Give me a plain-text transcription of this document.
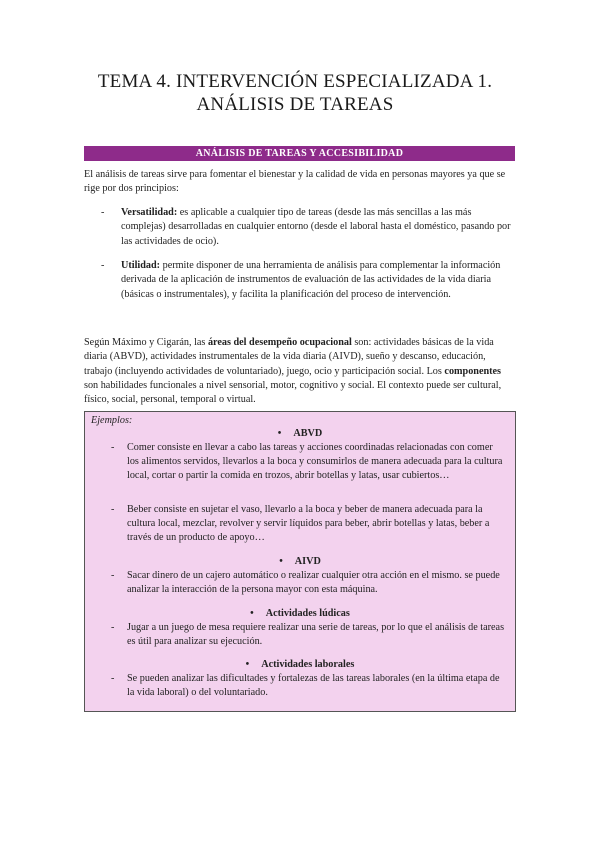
TEMA 4. INTERVENCIÓN ESPECIALIZADA 1.
ANÁLISIS DE TAREAS
ANÁLISIS DE TAREAS Y ACCESIBILIDAD
El análisis de tareas sirve para fomentar el bienestar y la calidad de vida en personas mayores ya que se rige por dos principios:
- Versatilidad: es aplicable a cualquier tipo de tareas (desde las más sencillas a las más complejas) desarrolladas en cualquier entorno (desde el laboral hasta el doméstico, pasando por las actividades de ocio).
- Utilidad: permite disponer de una herramienta de análisis para complementar la información derivada de la aplicación de instrumentos de evaluación de las actividades de la vida diaria (básicas o instrumentales), y facilita la planificación del proceso de intervención.
Según Máximo y Cigarán, las áreas del desempeño ocupacional son: actividades básicas de la vida diaria (ABVD), actividades instrumentales de la vida diaria (AIVD), sueño y descanso, educación, trabajo (incluyendo actividades de voluntariado), juego, ocio y participación social. Los componentes son habilidades funcionales a nivel sensorial, motor, cognitivo y social. El contexto puede ser cultural, físico, social, personal, temporal o virtual.
Ejemplos:
• ABVD
- Comer consiste en llevar a cabo las tareas y acciones coordinadas relacionadas con comer los alimentos servidos, llevarlos a la boca y consumirlos de manera adecuada para la cultura local, cortar o partir la comida en trozos, abrir botellas y latas, usar cubiertos…
- Beber consiste en sujetar el vaso, llevarlo a la boca y beber de manera adecuada para la cultura local, mezclar, revolver y servir líquidos para beber, abrir botellas y latas, beber a través de un producto de apoyo…
• AIVD
- Sacar dinero de un cajero automático o realizar cualquier otra acción en el mismo. se puede analizar la interacción de la persona mayor con esta máquina.
• Actividades lúdicas
- Jugar a un juego de mesa requiere realizar una serie de tareas, por lo que el análisis de tareas es útil para analizar su ejecución.
• Actividades laborales
- Se pueden analizar las dificultades y fortalezas de las tareas laborales (en la última etapa de la vida laboral) o del voluntariado.
